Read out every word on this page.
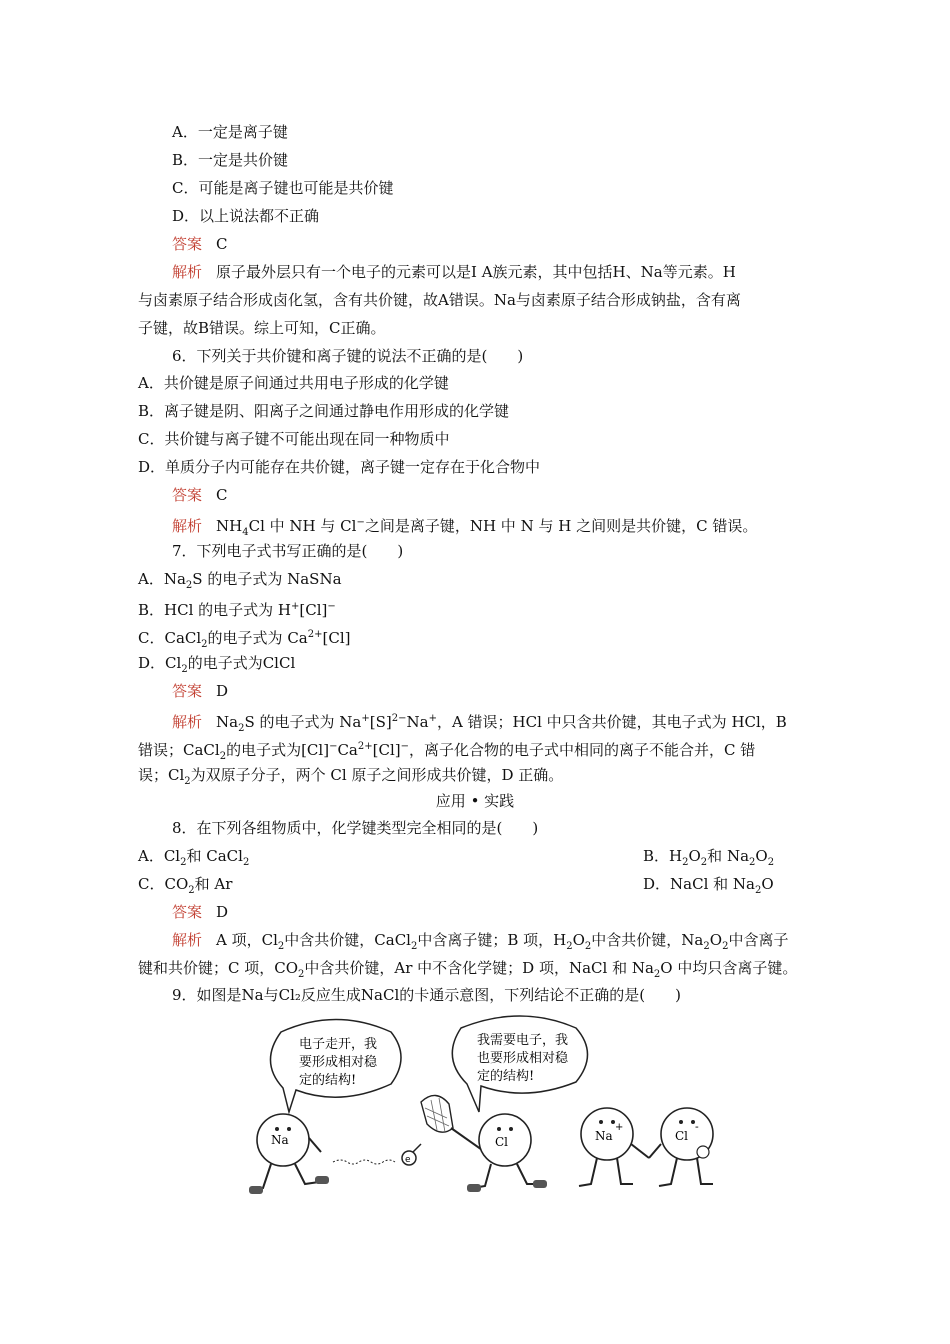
A．一定是离子键
B．一定是共价键
C．可能是离子键也可能是共价键
D．以上说法都不正确
答案 C
解析 原子最外层只有一个电子的元素可以是Ⅰ A族元素，其中包括H、Na等元素。H
与卤素原子结合形成卤化氢，含有共价键，故A错误。Na与卤素原子结合形成钠盐，含有离
子键，故B错误。综上可知，C正确。
6．下列关于共价键和离子键的说法不正确的是(　　)
A．共价键是原子间通过共用电子形成的化学键
B．离子键是阴、阳离子之间通过静电作用形成的化学键
C．共价键与离子键不可能出现在同一种物质中
D．单质分子内可能存在共价键，离子键一定存在于化合物中
答案 C
解析 $NH_4Cl$ 中 NH 与 Cl−之间是离子键，NH 中 N 与 H 之间则是共价键，C 错误。
7．下列电子式书写正确的是(　　)
A．$Na_2S$ 的电子式为 NaSNa
B．HCl 的电子式为 H+[Cl]−
C．CaCl$_2$的电子式为 $Ca^{2+}[Cl]$
D．$Cl_2$的电子式为ClCl
答案 D
解析 $Na_2S$ 的电子式为 $Na^+[S]^{2-}Na^+$，A 错误；HCl 中只含共价键，其电子式为 HCl，B
错误；CaCl$_2$的电子式为$[Cl]^-Ca^{2+}[Cl]^-$，离子化合物的电子式中相同的离子不能合并，C 错
误；$Cl_2$为双原子分子，两个 Cl 原子之间形成共价键，D 正确。
应用 • 实践
8．在下列各组物质中，化学键类型完全相同的是(　　)
A．$Cl_2$和 CaCl$_2$	B．$H_2O_2$和 $Na_2O_2$
C．$CO_2$和 Ar	D．NaCl 和 $Na_2O$
答案 D
解析 A 项，$Cl_2$中含共价键，CaCl$_2$中含离子键；B 项，$H_2O_2$中含共价键，$Na_2O_2$中含离子
键和共价键；C 项，$CO_2$中含共价键，Ar 中不含化学键；D 项，NaCl 和 $Na_2O$ 中均只含离子键。
9．如图是Na与Cl₂反应生成NaCl的卡通示意图，下列结论不正确的是(　　)
电子走开，我
要形成相对稳
定的结构!
我需要电子，我
也要形成相对稳
定的结构!
Na
e
Cl	Na
+
Cl
-
